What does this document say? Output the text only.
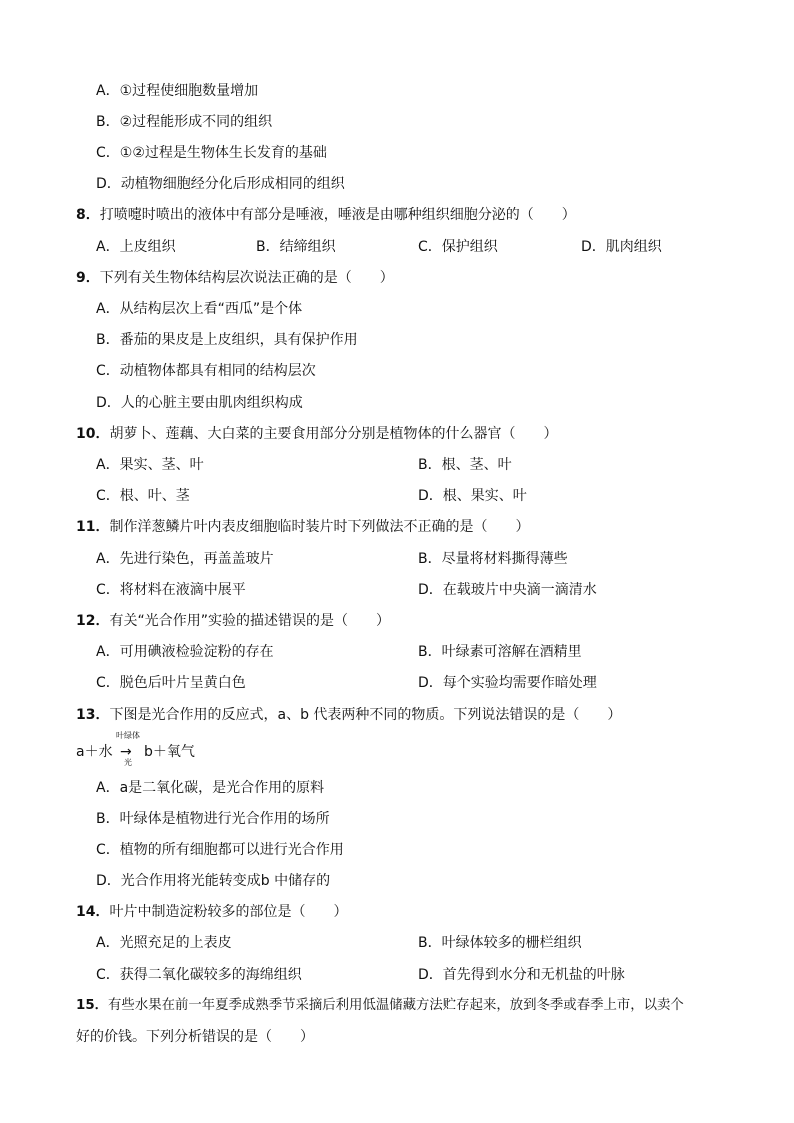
A．①过程使细胞数量增加
B．②过程能形成不同的组织
C．①②过程是生物体生长发育的基础
D．动植物细胞经分化后形成相同的组织
8．打喷嚏时喷出的液体中有部分是唾液，唾液是由哪种组织细胞分泌的（　　）
A．上皮组织	B．结缔组织	C．保护组织	D．肌肉组织
9．下列有关生物体结构层次说法正确的是（　　）
A．从结构层次上看“西瓜”是个体
B．番茄的果皮是上皮组织，具有保护作用
C．动植物体都具有相同的结构层次
D．人的心脏主要由肌肉组织构成
10．胡萝卜、莲藕、大白菜的主要食用部分分别是植物体的什么器官（　　）
A．果实、茎、叶	B．根、茎、叶
C．根、叶、茎	D．根、果实、叶
11．制作洋葱鳞片叶内表皮细胞临时装片时下列做法不正确的是（　　）
A．先进行染色，再盖盖玻片	B．尽量将材料撕得薄些
C．将材料在液滴中展平	D．在载玻片中央滴一滴清水
12．有关“光合作用”实验的描述错误的是（　　）
A．可用碘液检验淀粉的存在	B．叶绿素可溶解在酒精里
C．脱色后叶片呈黄白色	D．每个实验均需要作暗处理
13．下图是光合作用的反应式，a、b 代表两种不同的物质。下列说法错误的是（　　）
a＋水
叶绿体
→
光
b＋氧气
A．a是二氧化碳，是光合作用的原料
B．叶绿体是植物进行光合作用的场所
C．植物的所有细胞都可以进行光合作用
D．光合作用将光能转变成b 中储存的
14．叶片中制造淀粉较多的部位是（　　）
A．光照充足的上表皮	B．叶绿体较多的栅栏组织
C．获得二氧化碳较多的海绵组织	D．首先得到水分和无机盐的叶脉
15．有些水果在前一年夏季成熟季节采摘后利用低温储藏方法贮存起来，放到冬季或春季上市，以卖个
好的价钱。下列分析错误的是（　　）
